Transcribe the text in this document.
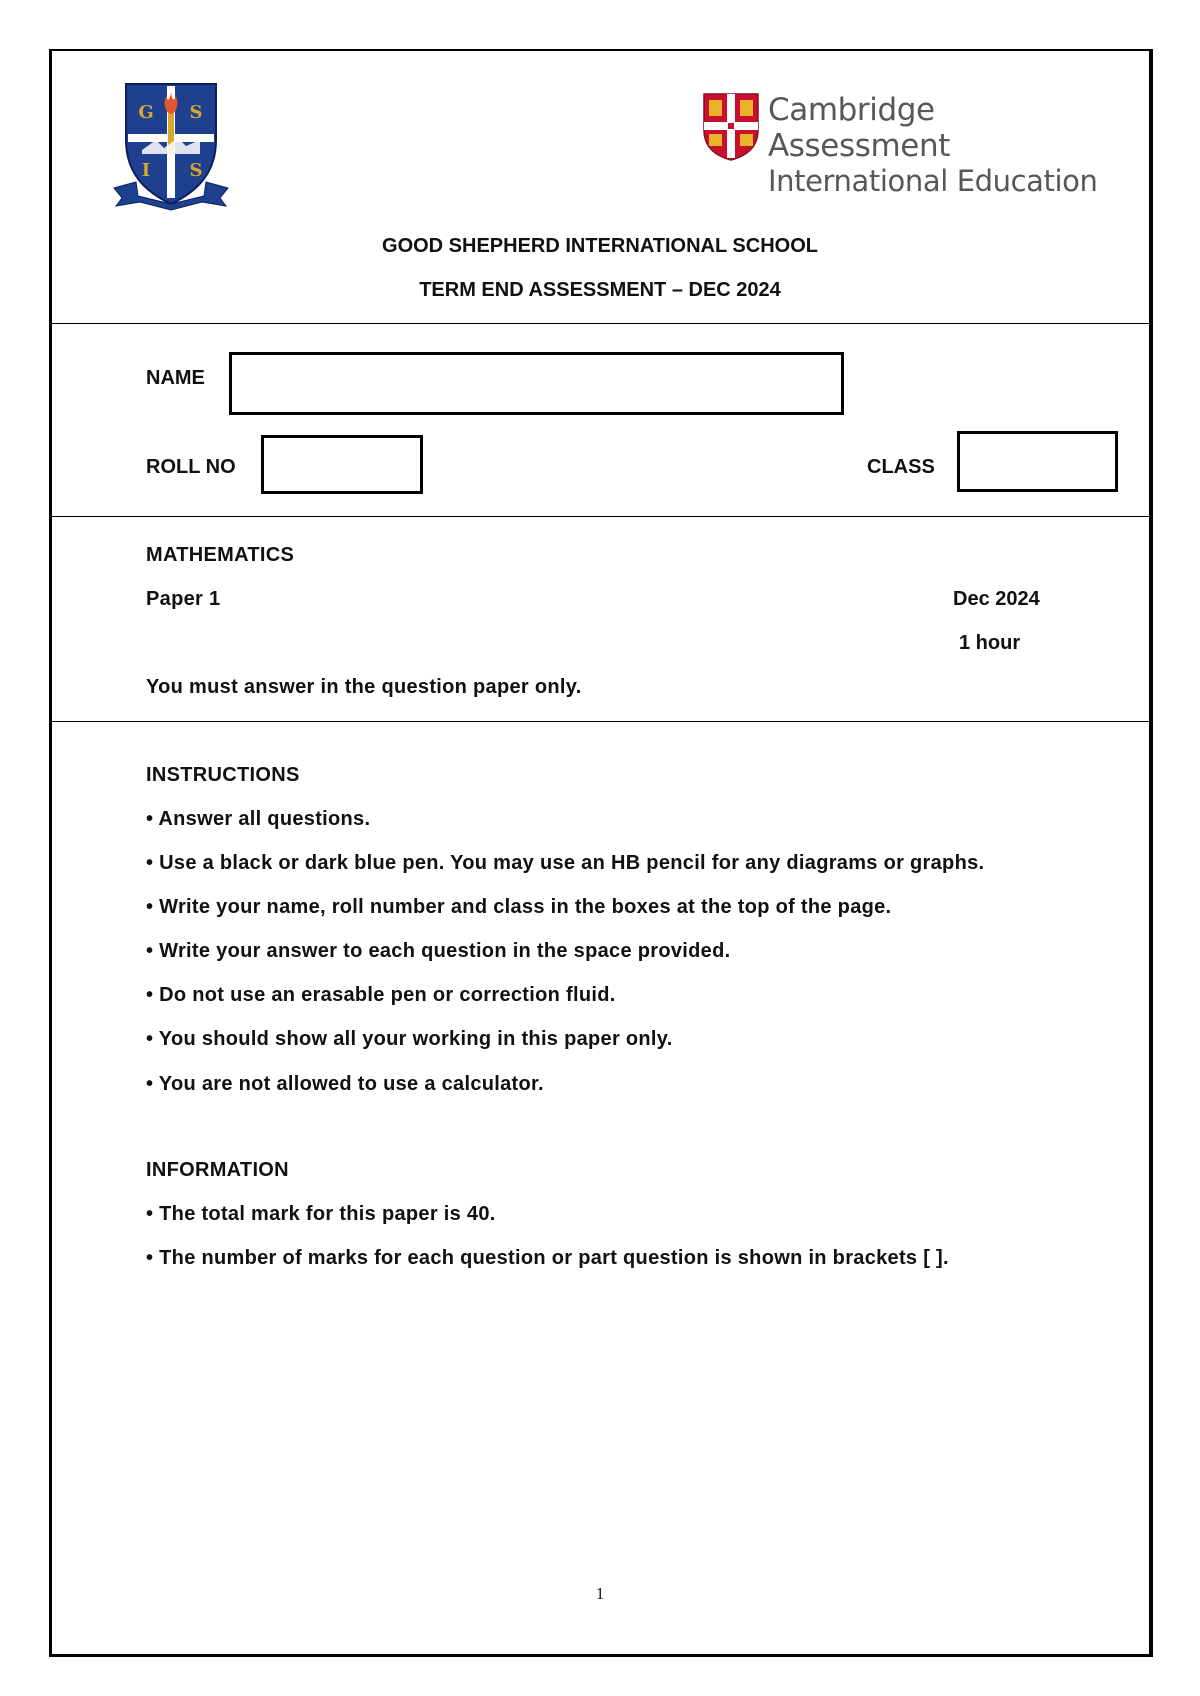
G S
I S
Cambridge Assessment
International Education
GOOD SHEPHERD INTERNATIONAL SCHOOL
TERM END ASSESSMENT – DEC 2024
NAME
ROLL NO	CLASS
MATHEMATICS
Paper 1	Dec 2024
1 hour
You must answer in the question paper only.
INSTRUCTIONS
• Answer all questions.
• Use a black or dark blue pen. You may use an HB pencil for any diagrams or graphs.
• Write your name, roll number and class in the boxes at the top of the page.
• Write your answer to each question in the space provided.
• Do not use an erasable pen or correction fluid.
• You should show all your working in this paper only.
• You are not allowed to use a calculator.
INFORMATION
• The total mark for this paper is 40.
• The number of marks for each question or part question is shown in brackets [ ].
1
